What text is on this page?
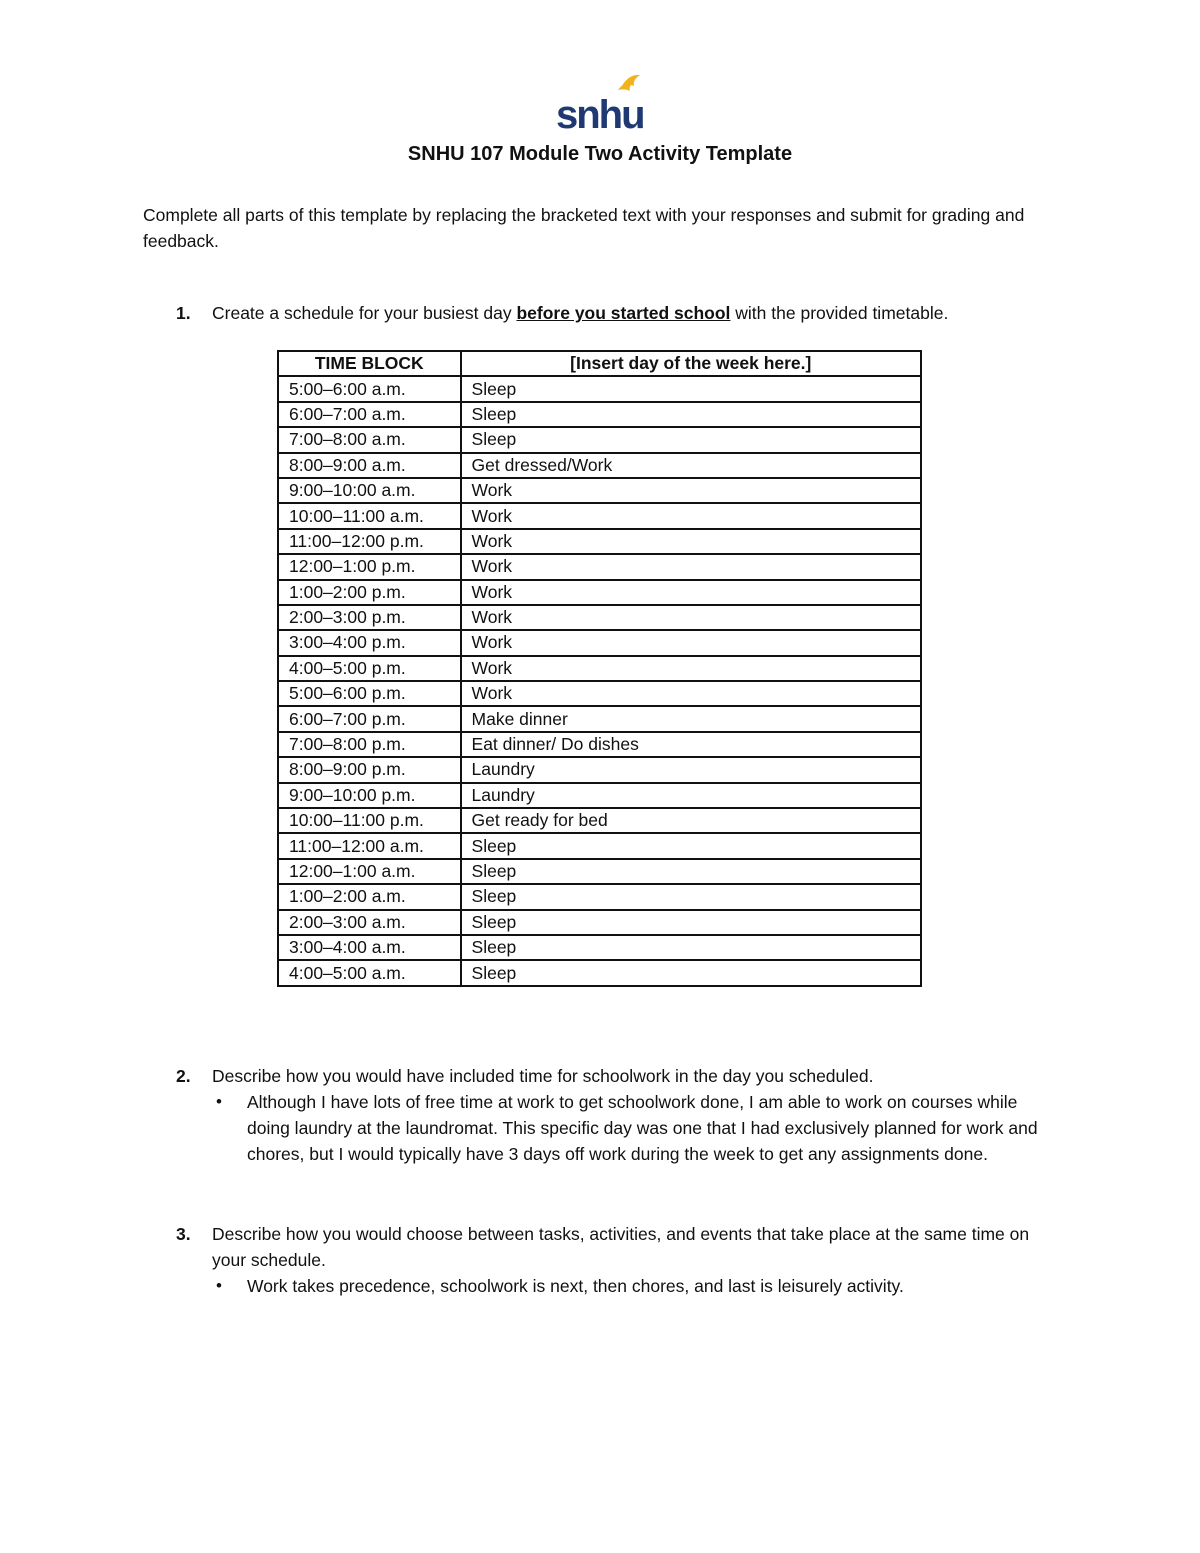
snhu
SNHU 107 Module Two Activity Template
Complete all parts of this template by replacing the bracketed text with your responses and submit for grading and feedback.
1. Create a schedule for your busiest day before you started school with the provided timetable.
TIME BLOCK	[Insert day of the week here.]
5:00–6:00 a.m.	Sleep
6:00–7:00 a.m.	Sleep
7:00–8:00 a.m.	Sleep
8:00–9:00 a.m.	Get dressed/Work
9:00–10:00 a.m.	Work
10:00–11:00 a.m.	Work
11:00–12:00 p.m.	Work
12:00–1:00 p.m.	Work
1:00–2:00 p.m.	Work
2:00–3:00 p.m.	Work
3:00–4:00 p.m.	Work
4:00–5:00 p.m.	Work
5:00–6:00 p.m.	Work
6:00–7:00 p.m.	Make dinner
7:00–8:00 p.m.	Eat dinner/ Do dishes
8:00–9:00 p.m.	Laundry
9:00–10:00 p.m.	Laundry
10:00–11:00 p.m.	Get ready for bed
11:00–12:00 a.m.	Sleep
12:00–1:00 a.m.	Sleep
1:00–2:00 a.m.	Sleep
2:00–3:00 a.m.	Sleep
3:00–4:00 a.m.	Sleep
4:00–5:00 a.m.	Sleep
2. Describe how you would have included time for schoolwork in the day you scheduled.
• Although I have lots of free time at work to get schoolwork done, I am able to work on courses while doing laundry at the laundromat. This specific day was one that I had exclusively planned for work and chores, but I would typically have 3 days off work during the week to get any assignments done.
3. Describe how you would choose between tasks, activities, and events that take place at the same time on your schedule.
• Work takes precedence, schoolwork is next, then chores, and last is leisurely activity.
